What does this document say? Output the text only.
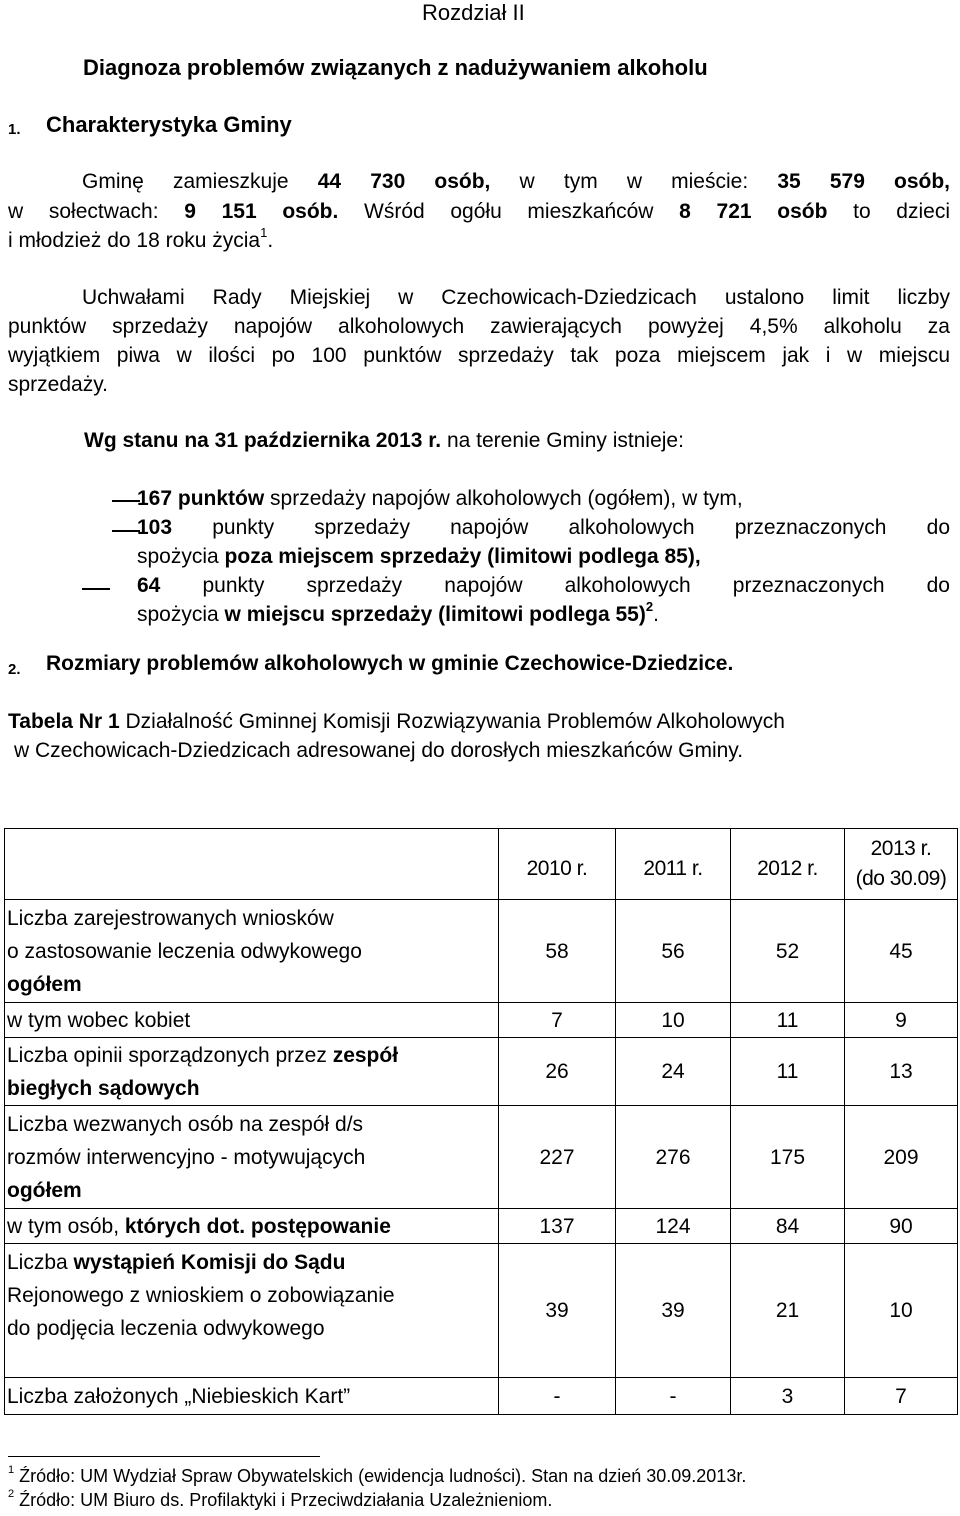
Rozdział II
Diagnoza problemów związanych z nadużywaniem alkoholu
1. Charakterystyka Gminy
Gminę zamieszkuje 44 730 osób, w tym w mieście: 35 579 osób,
w sołectwach: 9 151 osób. Wśród ogółu mieszkańców 8 721 osób to dzieci
i młodzież do 18 roku życia$^1$.
Uchwałami Rady Miejskiej w Czechowicach-Dziedzicach ustalono limit liczby
punktów sprzedaży napojów alkoholowych zawierających powyżej 4,5% alkoholu za
wyjątkiem piwa w ilości po 100 punktów sprzedaży tak poza miejscem jak i w miejscu
sprzedaży.
Wg stanu na 31 października 2013 r. na terenie Gminy istnieje:
167 punktów sprzedaży napojów alkoholowych (ogółem), w tym,
103 punkty sprzedaży napojów alkoholowych przeznaczonych do
spożycia poza miejscem sprzedaży (limitowi podlega 85),
64 punkty sprzedaży napojów alkoholowych przeznaczonych do
spożycia w miejscu sprzedaży (limitowi podlega 55)$^2$.
2. Rozmiary problemów alkoholowych w gminie Czechowice-Dziedzice.
Tabela Nr 1 Działalność Gminnej Komisji Rozwiązywania Problemów Alkoholowych
w Czechowicach-Dziedzicach adresowanej do dorosłych mieszkańców Gminy.
	2010 r.	2011 r.	2012 r.	2013 r.
(do 30.09)

Liczba zarejestrowanych wniosków
o zastosowanie leczenia odwykowego
ogółem	58	56	52	45
w tym wobec kobiet	7	10	11	9

Liczba opinii sporządzonych przez zespół
biegłych sądowych	26	24	11	13

Liczba wezwanych osób na zespół d/s
rozmów interwencyjno - motywujących
ogółem	227	276	175	209
w tym osób, których dot. postępowanie	137	124	84	90

Liczba wystąpień Komisji do Sądu
Rejonowego z wnioskiem o zobowiązanie
do podjęcia leczenia odwykowego	39	39	21	10
Liczba założonych „Niebieskich Kart”	-	-	3	7
$^1$ Źródło: UM Wydział Spraw Obywatelskich (ewidencja ludności). Stan na dzień 30.09.2013r.
$^2$ Źródło: UM Biuro ds. Profilaktyki i Przeciwdziałania Uzależnieniom.
